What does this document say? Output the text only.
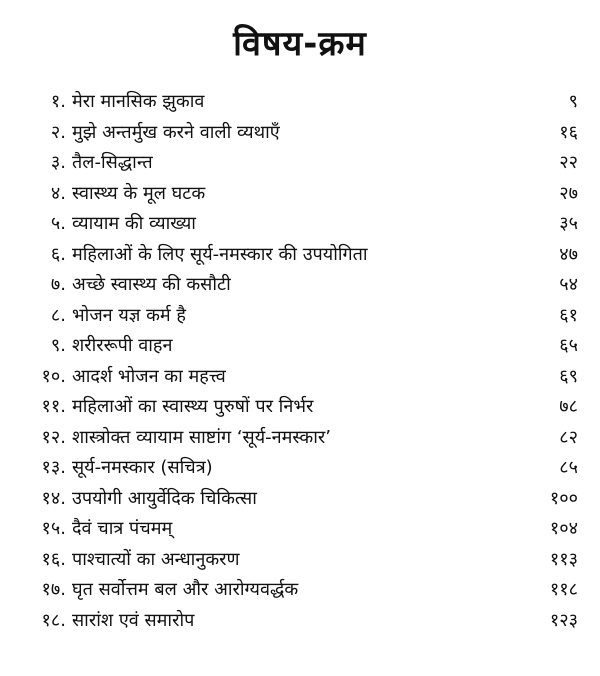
विषय-क्रम
१. मेरा मानसिक झुकाव	९
२. मुझे अन्तर्मुख करने वाली व्यथाएँ	१६
३. तैल-सिद्धान्त	२२
४. स्वास्थ्य के मूल घटक	२७
५. व्यायाम की व्याख्या	३५
६. महिलाओं के लिए सूर्य-नमस्कार की उपयोगिता	४७
७. अच्छे स्वास्थ्य की कसौटी	५४
८. भोजन यज्ञ कर्म है	६१
९. शरीररूपी वाहन	६५
१०. आदर्श भोजन का महत्त्व	६९
११. महिलाओं का स्वास्थ्य पुरुषों पर निर्भर	७८
१२. शास्त्रोक्त व्यायाम साष्टांग ‘सूर्य-नमस्कार’	८२
१३. सूर्य-नमस्कार (सचित्र)	८५
१४. उपयोगी आयुर्वेदिक चिकित्सा	१००
१५. दैवं चात्र पंचमम्	१०४
१६. पाश्चात्यों का अन्धानुकरण	११३
१७. घृत सर्वोत्तम बल और आरोग्यवर्द्धक	११८
१८. सारांश एवं समारोप	१२३
